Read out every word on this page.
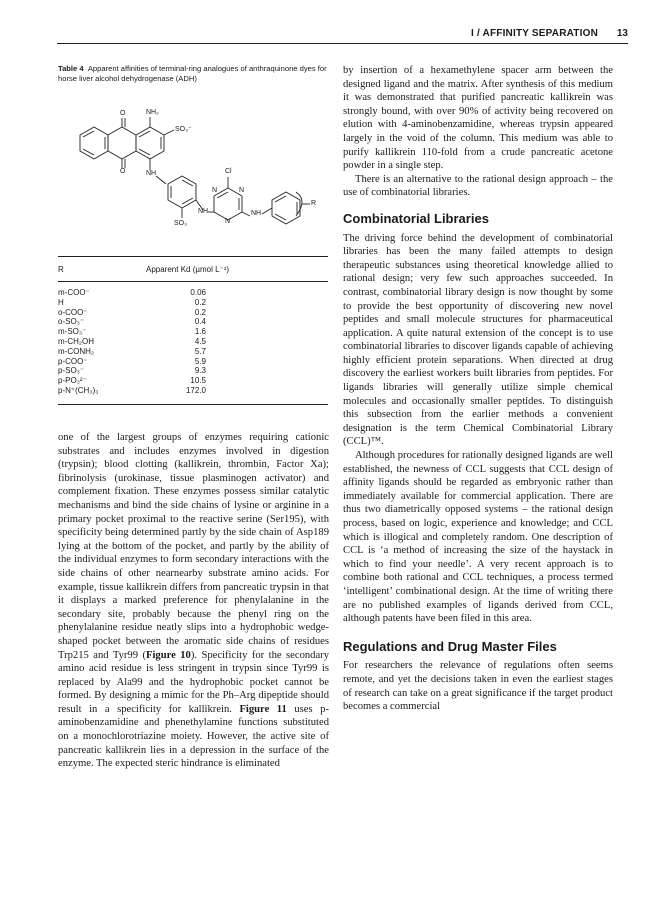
I / AFFINITY SEPARATION 13

Table 4 Apparent affinities of terminal-ring analogues of anthraquinone dyes for horse liver alcohol dehydrogenase (ADH)

NH₂
SO₃⁻
O
O	NH	Cl
N	N
N
NH	NH
R
SO₃
R	Apparent Kd (µmol L⁻¹)
m-COO⁻	0.06
H	0.2
o-COO⁻	0.2
o-SO₃⁻	0.4
m-SO₃⁻	1.6
m-CH₂OH	4.5
m-CONH₂	5.7
p-COO⁻	5.9
p-SO₃⁻	9.3
p-PO₃²⁻	10.5
p-N⁺(CH₃)₃	172.0

one of the largest groups of enzymes requiring cationic substrates and includes enzymes involved in digestion (trypsin); blood clotting (kallikrein, thrombin, Factor Xa); fibrinolysis (urokinase, tissue plasminogen activator) and complement fixation. These enzymes possess similar catalytic mechanisms and bind the side chains of lysine or arginine in a primary pocket proximal to the reactive serine (Ser195), with specificity being determined partly by the side chain of Asp189 lying at the bottom of the pocket, and partly by the ability of the individual enzymes to form secondary interactions with the side chains of other nearnearby substrate amino acids. For example, tissue kallikrein differs from pancreatic trypsin in that it displays a marked preference for phenylalanine in the secondary site, probably because the phenyl ring on the phenylalanine residue neatly slips into a hydrophobic wedge-shaped pocket between the aromatic side chains of residues Trp215 and Tyr99 (Figure 10). Specificity for the secondary amino acid residue is less stringent in trypsin since Tyr99 is replaced by Ala99 and the hydrophobic pocket cannot be formed. By designing a mimic for the Ph–Arg dipeptide should result in a specificity for kallikrein. Figure 11 uses p-aminobenzamidine and phenethylamine functions substituted on a monochlorotriazine moiety. However, the active site of pancreatic kallikrein lies in a depression in the surface of the enzyme. The expected steric hindrance is eliminated

by insertion of a hexamethylene spacer arm between the designed ligand and the matrix. After synthesis of this medium it was demonstrated that purified pancreatic kallikrein was strongly bound, with over 90% of activity being recovered on elution with 4-aminobenzamidine, whereas trypsin appeared largely in the void of the column. This medium was able to purify kallikrein 110-fold from a crude pancreatic acetone powder in a single step.

There is an alternative to the rational design approach – the use of combinatorial libraries.

Combinatorial Libraries

The driving force behind the development of combinatorial libraries has been the many failed attempts to design therapeutic substances using theoretical knowledge allied to rational design; very few such approaches succeeded. In contrast, combinatorial library design is now thought by some to provide the best opportunity of discovering new novel peptides and small molecule structures for pharmaceutical application. A quite natural extension of the concept is to use combinatorial libraries to discover ligands capable of achieving highly efficient protein separations. When directed at drug discovery the earliest workers built libraries from peptides. For ligands libraries will generally utilize simple chemical molecules and occasionally smaller peptides. To distinguish this subsection from the earlier methods a convenient designation is the term Chemical Combinatorial Library (CCL)™.

Although procedures for rationally designed ligands are well established, the newness of CCL suggests that CCL design of affinity ligands should be regarded as embryonic rather than immediately available for commercial application. There are thus two diametrically opposed systems – the rational design process, based on logic, experience and knowledge; and CCL which is illogical and completely random. One description of CCL is ‘a method of increasing the size of the haystack in which to find your needle’. A very recent approach is to combine both rational and CCL techniques, a process termed ‘intelligent’ combinational design. At the time of writing there are no published examples of ligands derived from CCL, although patents have been filed in this area.

Regulations and Drug Master Files

For researchers the relevance of regulations often seems remote, and yet the decisions taken in even the earliest stages of research can take on a great significance if the target product becomes a commercial
